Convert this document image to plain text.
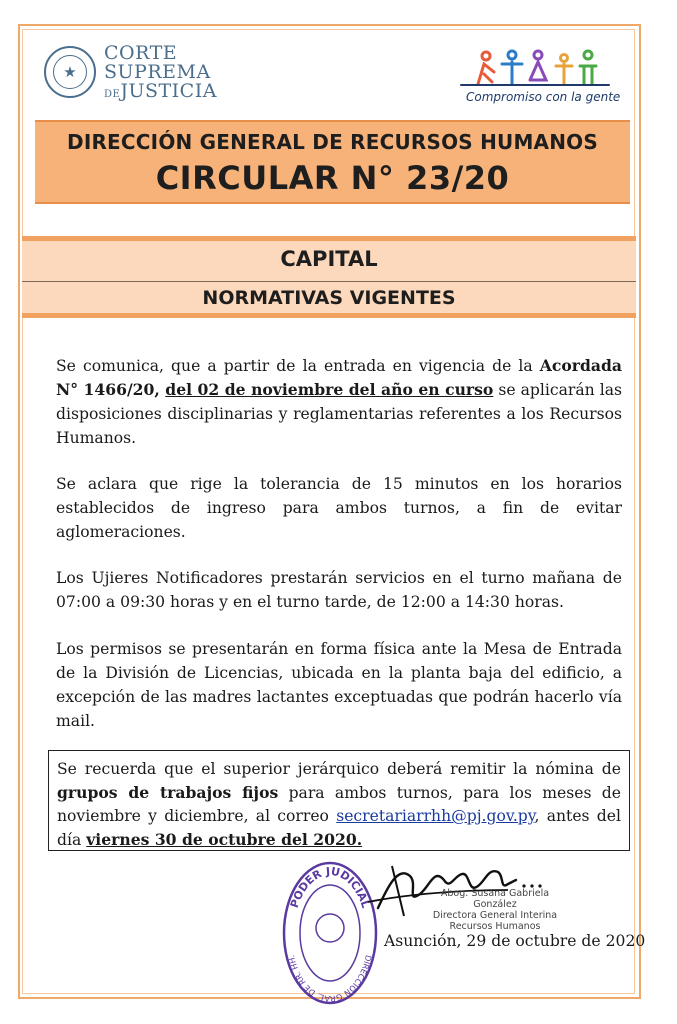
★
CORTE
SUPREMA
DEJUSTICIA	Compromiso con la gente
DIRECCIÓN GENERAL DE RECURSOS HUMANOS
CIRCULAR N° 23/20
CAPITAL
NORMATIVAS VIGENTES
Se comunica, que a partir de la entrada en vigencia de la Acordada N° 1466/20, del 02 de noviembre del año en curso se aplicarán las disposiciones disciplinarias y reglamentarias referentes a los Recursos Humanos.
Se aclara que rige la tolerancia de 15 minutos en los horarios establecidos de ingreso para ambos turnos, a fin de evitar aglomeraciones.
Los Ujieres Notificadores prestarán servicios en el turno mañana de 07:00 a 09:30 horas y en el turno tarde, de 12:00 a 14:30 horas.
Los permisos se presentarán en forma física ante la Mesa de Entrada de la División de Licencias, ubicada en la planta baja del edificio, a excepción de las madres lactantes exceptuadas que podrán hacerlo vía mail.
Se recuerda que el superior jerárquico deberá remitir la nómina de grupos de trabajos fijos para ambos turnos, para los meses de noviembre y diciembre, al correo secretariarrhh@pj.gov.py, antes del día viernes 30 de octubre del 2020.
PODER JUDICIAL
DIRECCIÓN GRAL. DE RR. HH.
Abog. Susana Gabriela González
Directora General Interina
Recursos Humanos
Asunción, 29 de octubre de 2020
